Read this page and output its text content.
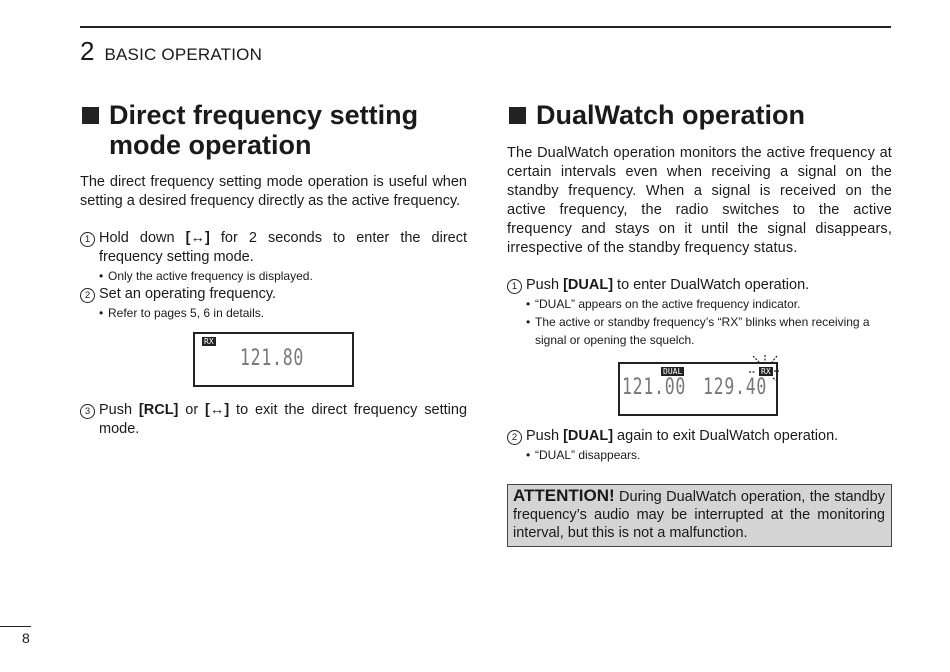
2 BASIC OPERATION
Direct frequency setting
mode operation

The direct frequency setting mode operation is useful when setting a desired frequency directly as the active frequency.

1 Hold down [↔] for 2 seconds to enter the direct frequency setting mode.
• Only the active frequency is displayed.
2 Set an operating frequency.
• Refer to pages 5, 6 in details.
RX
121.80
3 Push [RCL] or [↔] to exit the direct frequency setting mode.
DualWatch operation

The DualWatch operation monitors the active frequency at certain intervals even when receiving a signal on the standby frequency. When a signal is received on the active frequency, the radio switches to the active frequency and stays on it until the signal disappears, irrespective of the standby frequency status.

1 Push [DUAL] to enter DualWatch operation.
• “DUAL” appears on the active frequency indicator.
• The active or standby frequency’s “RX” blinks when receiving a signal or opening the squelch.
DUAL	RX
121.00 129.40
2 Push [DUAL] again to exit DualWatch operation.
• “DUAL” disappears.
ATTENTION! During DualWatch operation, the standby frequency’s audio may be interrupted at the monitoring interval, but this is not a malfunction.
8
